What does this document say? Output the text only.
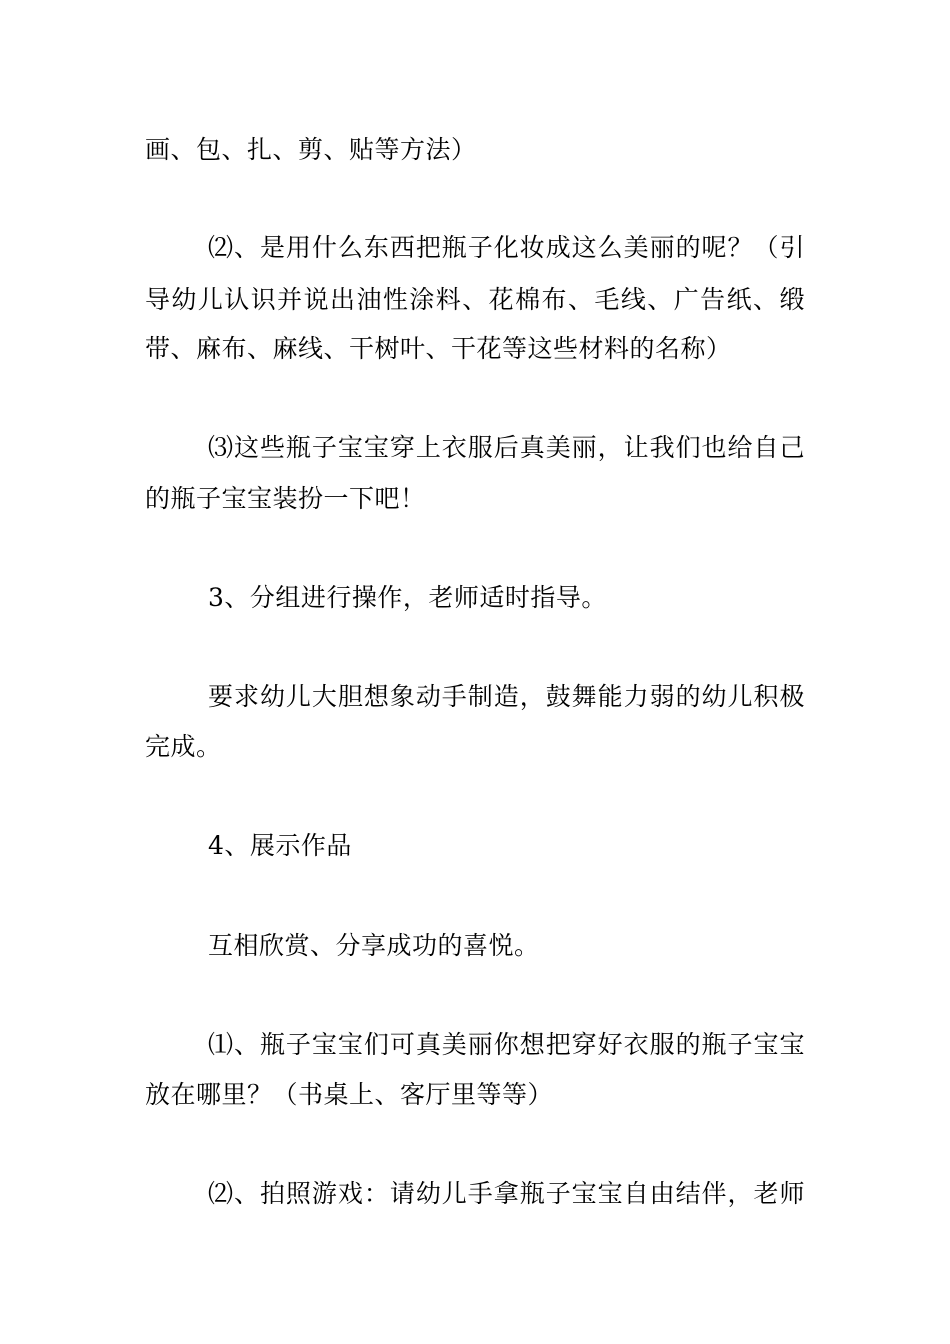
画、包、扎、剪、贴等方法）
⑵、是用什么东西把瓶子化妆成这么美丽的呢？（引
导幼儿认识并说出油性涂料、花棉布、毛线、广告纸、缎
带、麻布、麻线、干树叶、干花等这些材料的名称）
⑶这些瓶子宝宝穿上衣服后真美丽，让我们也给自己
的瓶子宝宝装扮一下吧！
3、分组进行操作，老师适时指导。
要求幼儿大胆想象动手制造，鼓舞能力弱的幼儿积极
完成。
4、展示作品
互相欣赏、分享成功的喜悦。
⑴、瓶子宝宝们可真美丽你想把穿好衣服的瓶子宝宝
放在哪里？（书桌上、客厅里等等）
⑵、拍照游戏：请幼儿手拿瓶子宝宝自由结伴，老师
